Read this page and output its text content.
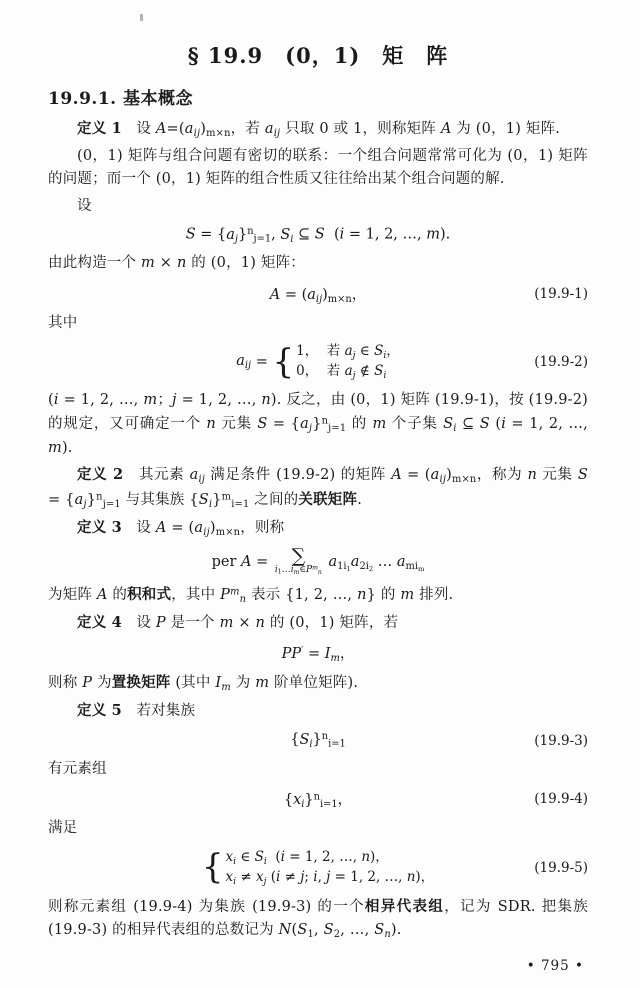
§ 19.9　(0，1)　矩　阵
19.9.1. 基本概念

定义 1   设 $A=(a_{ij})_{m\times n}$，若 $a_{ij}$ 只取 0 或 1，则称矩阵 A 为 (0，1) 矩阵.

(0，1) 矩阵与组合问题有密切的联系：一个组合问题常常可化为 (0，1) 矩阵的问题；而一个 (0，1) 矩阵的组合性质又往往给出某个组合问题的解.

设

$S = \{a_j\}^n_{j=1}$, $S_i$ ⊆ S  (i = 1, 2, …, m).

由此构造一个 m × n 的 (0，1) 矩阵：

$A = (a_{ij})_{m\times n}$，	(19.9-1)

其中

$a_{ij}$ = { 1，  若 $a_j$ ∈ $S_i$，
0，  若 $a_j$ ∉ $S_i$
(19.9-2)

(i = 1, 2, …, m；j = 1, 2, …, n). 反之，由 (0，1) 矩阵 (19.9-1)，按 (19.9-2) 的规定，又可确定一个 n 元集 $S = \{a_j\}^n_{j=1}$ 的 m 个子集 $S_i$ ⊆ S (i = 1, 2, …, m).

定义 2   其元素 $a_{ij}$ 满足条件 (19.9-2) 的矩阵 $A = (a_{ij})_{m\times n}$，称为 n 元集 $S = \{a_j\}^n_{j=1}$ 与其集族 $\{S_i\}^m_{i=1}$ 之间的关联矩阵.

定义 3   设 $A = (a_{ij})_{m\times n}$，则称

per A = ∑
$i_1\dots i_m\in P^m_n$
$a_{1i_1}a_{2i_2}$ … $a_{mi_m}$

为矩阵 A 的积和式，其中 $P^m_n$ 表示 {1, 2, …, n} 的 m 排列.

定义 4   设 P 是一个 m × n 的 (0，1) 矩阵，若

$PP' = I_m$，

则称 P 为置换矩阵 (其中 $I_m$ 为 m 阶单位矩阵).

定义 5   若对集族

$\{S_i\}^n_{i=1}$	(19.9-3)

有元素组

$\{x_i\}^n_{i=1}$，	(19.9-4)

满足

{ $x_i$ ∈ $S_i$  (i = 1, 2, …, n)，
$x_i \ne x_j$ (i ≠ j; i, j = 1, 2, …, n)，
(19.9-5)

则称元素组 (19.9-4) 为集族 (19.9-3) 的一个相异代表组，记为 SDR. 把集族 (19.9-3) 的相异代表组的总数记为 $N(S_1$, $S_2$, …, $S_n$).

• 795 •
